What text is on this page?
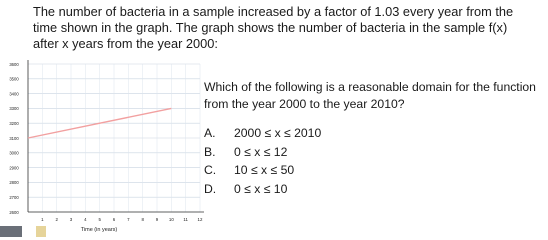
The number of bacteria in a sample increased by a factor of 1.03 every year from the
time shown in the graph. The graph shows the number of bacteria in the sample f(x)
after x years from the year 2000:
2600
2700
2800
2900
3000
3100
3200
3300
3400
3500
3600
1	2	3	4	5	6	7	8	9 10 11 12
Time (in years)
Which of the following is a reasonable domain for the function
from the year 2000 to the year 2010?
A.	2000 ≤ x ≤ 2010
B.	0 ≤ x ≤ 12
C.	10 ≤ x ≤ 50
D.	0 ≤ x ≤ 10
